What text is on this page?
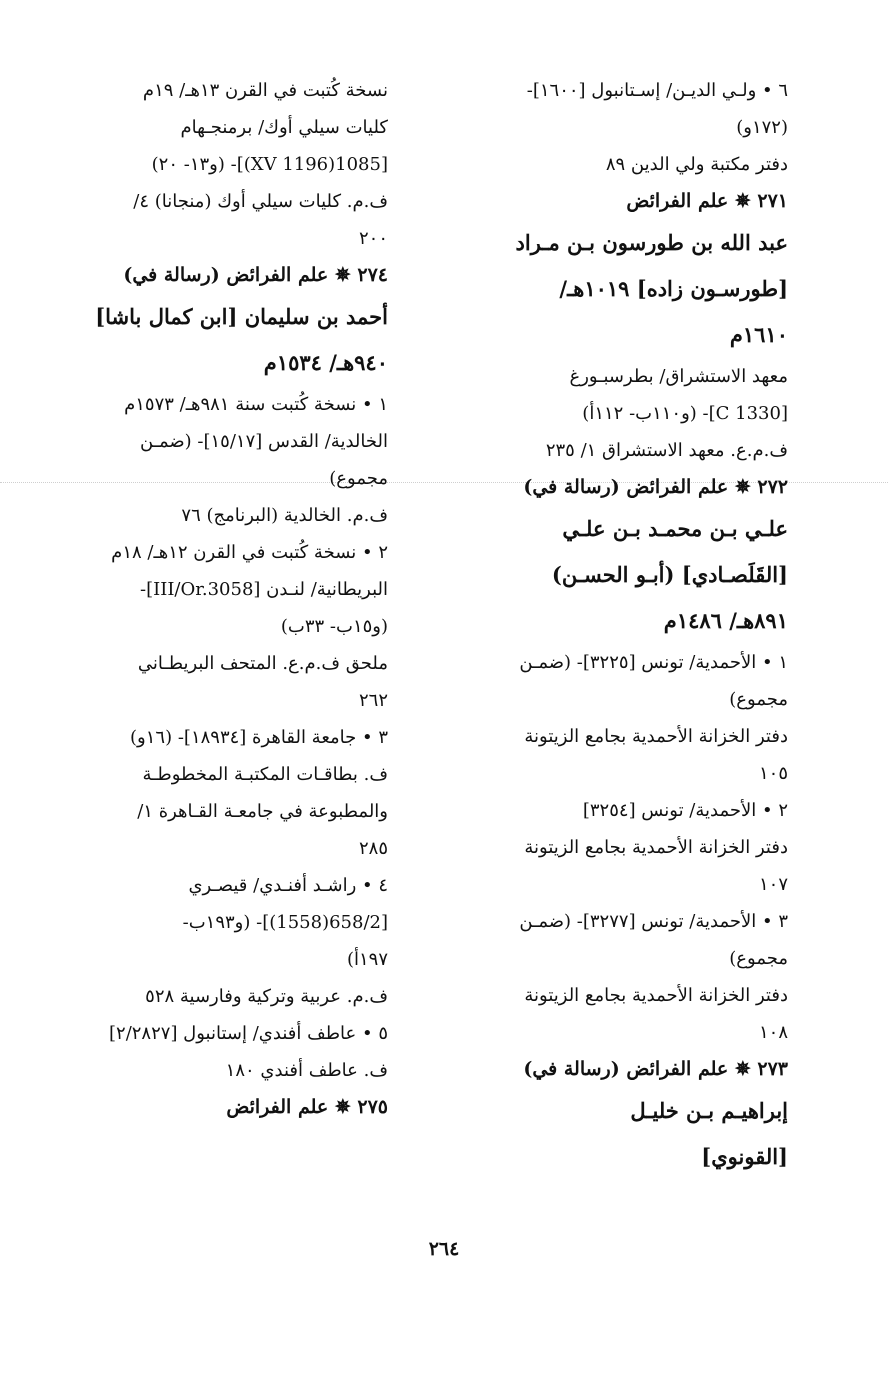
٦ • ولـي الديـن/ إسـتانبول [١٦٠٠]-
(١٧٢و)
دفتر مكتبة ولي الدين ٨٩
٢٧١ ✵ علم الفرائض
عبد الله بن طورسون بـن مـراد
[طورسـون زاده] ١٠١٩هـ/
١٦١٠م
معهد الاستشراق/ بطرسبـورغ
[C 1330]- (و١١٠ب- ١١٢أ)
ف.م.ع. معهد الاستشراق ١/ ٢٣٥
٢٧٢ ✵ علم الفرائض (رسالة في)
علـي بـن محمـد بـن علـي
[القَلَصـادي] (أبـو الحسـن)
٨٩١هـ/ ١٤٨٦م
١ • الأحمدية/ تونس [٣٢٢٥]- (ضمـن
مجموع)
دفتر الخزانة الأحمدية بجامع الزيتونة
١٠٥
٢ • الأحمدية/ تونس [٣٢٥٤]
دفتر الخزانة الأحمدية بجامع الزيتونة
١٠٧
٣ • الأحمدية/ تونس [٣٢٧٧]- (ضمـن
مجموع)
دفتر الخزانة الأحمدية بجامع الزيتونة
١٠٨
٢٧٣ ✵ علم الفرائض (رسالة في)
إبراهيـم بـن خليـل
[القونوي]
نسخة كُتبت في القرن ١٣هـ/ ١٩م
كليات سيلي أوك/ برمنجـهام
[1085(1196 XV)]- (و١٣- ٢٠)
ف.م. كليات سيلي أوك (منجانا) ٤/
٢٠٠
٢٧٤ ✵ علم الفرائض (رسالة في)
أحمد بن سليمان [ابن كمال باشا]
٩٤٠هـ/ ١٥٣٤م
١ • نسخة كُتبت سنة ٩٨١هـ/ ١٥٧٣م
الخالدية/ القدس [١٥/١٧]- (ضمـن
مجموع)
ف.م. الخالدية (البرنامج) ٧٦
٢ • نسخة كُتبت في القرن ١٢هـ/ ١٨م
البريطانية/ لنـدن [III/Or.3058]-
(و١٥ب- ٣٣ب)
ملحق ف.م.ع. المتحف البريطـاني
٢٦٢
٣ • جامعة القاهرة [١٨٩٣٤]- (١٦و)
ف. بطاقـات المكتبـة المخطوطـة
والمطبوعة في جامعـة القـاهرة ١/
٢٨٥
٤ • راشـد أفنـدي/ قيصـري
[658/2(1558)]- (و١٩٣ب-
١٩٧أ)
ف.م. عربية وتركية وفارسية ٥٢٨
٥ • عاطف أفندي/ إستانبول [٢/٢٨٢٧]
ف. عاطف أفندي ١٨٠
٢٧٥ ✵ علم الفرائض
٢٦٤
